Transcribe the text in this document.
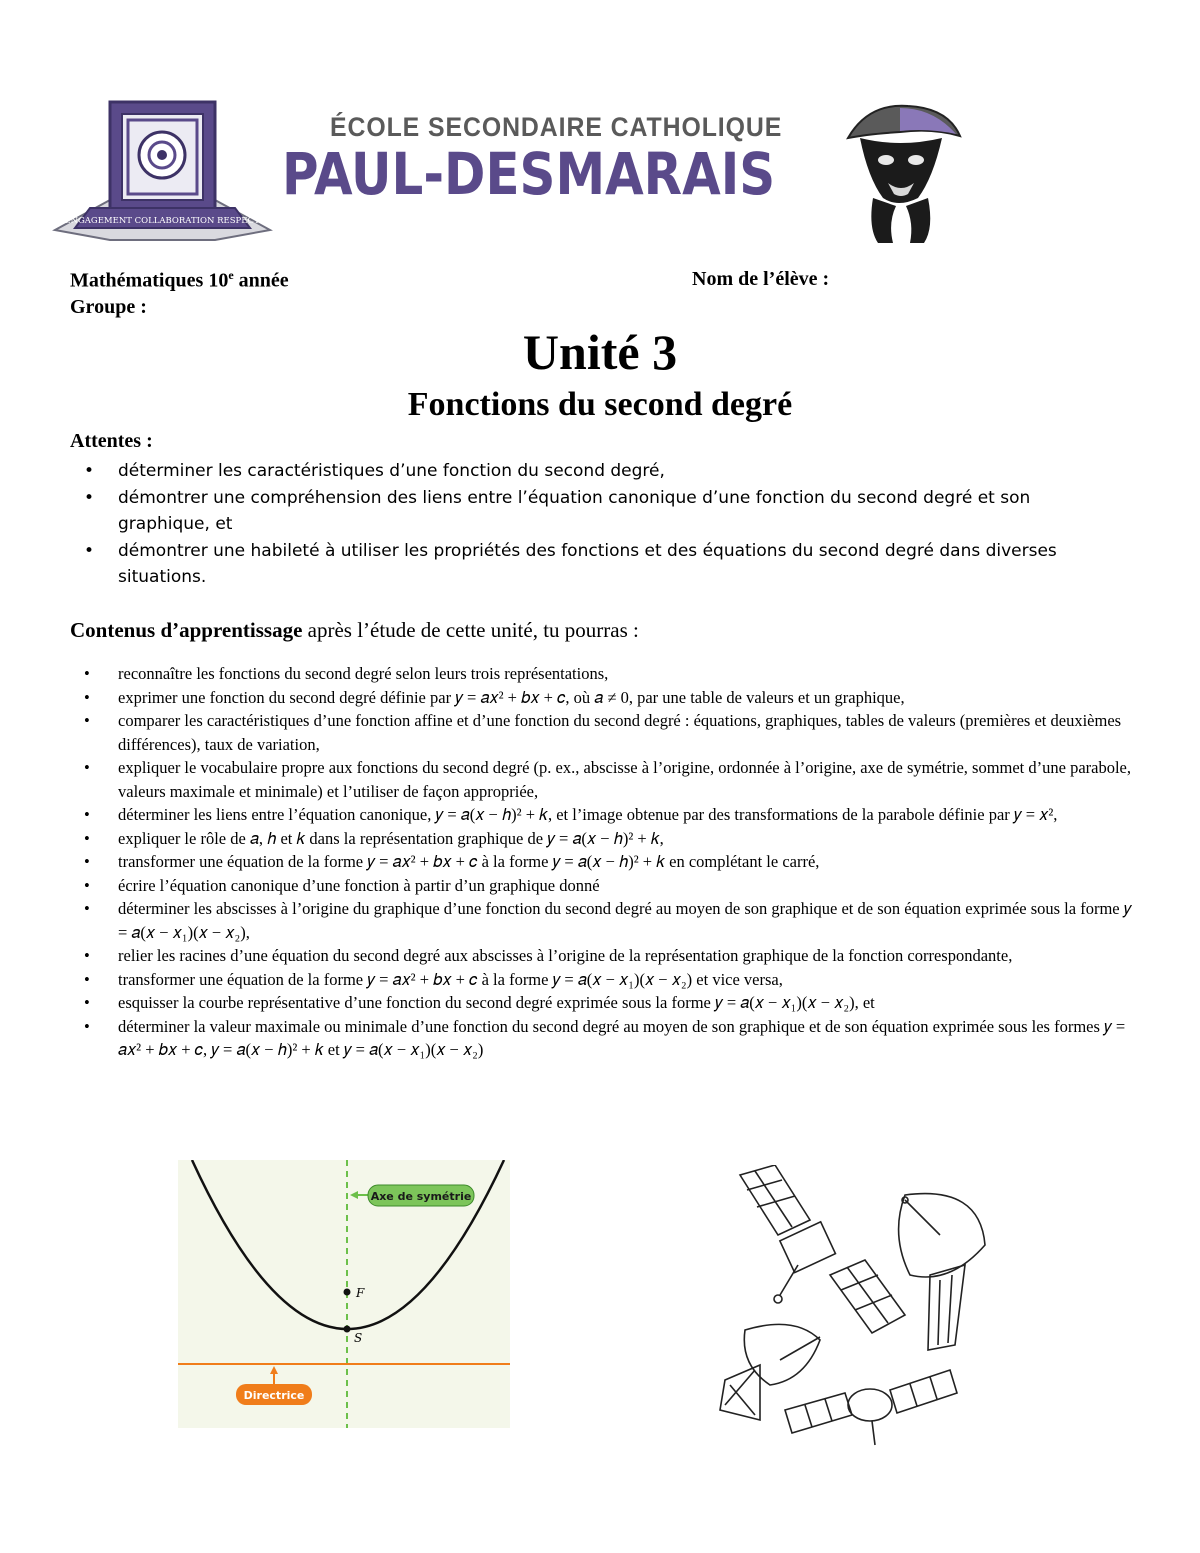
ENGAGEMENT COLLABORATION RESPECT
ÉCOLE SECONDAIRE CATHOLIQUE
PAUL-DESMARAIS
Mathématiques 10e année	Nom de l’élève :
Groupe :
Unité 3
Fonctions du second degré
Attentes :
• déterminer les caractéristiques d’une fonction du second degré,
• démontrer une compréhension des liens entre l’équation canonique d’une fonction du second degré et son graphique, et
• démontrer une habileté à utiliser les propriétés des fonctions et des équations du second degré dans diverses situations.
Contenus d’apprentissage après l’étude de cette unité, tu pourras :
• reconnaître les fonctions du second degré selon leurs trois représentations,
• exprimer une fonction du second degré définie par 𝑦 = 𝑎𝑥² + 𝑏𝑥 + 𝑐, où 𝑎 ≠ 0, par une table de valeurs et un graphique,
• comparer les caractéristiques d’une fonction affine et d’une fonction du second degré : équations, graphiques, tables de valeurs (premières et deuxièmes différences), taux de variation,
• expliquer le vocabulaire propre aux fonctions du second degré (p. ex., abscisse à l’origine, ordonnée à l’origine, axe de symétrie, sommet d’une parabole, valeurs maximale et minimale) et l’utiliser de façon appropriée,
• déterminer les liens entre l’équation canonique, 𝑦 = 𝑎(𝑥 − ℎ)² + 𝑘, et l’image obtenue par des transformations de la parabole définie par 𝑦 = 𝑥²,
• expliquer le rôle de 𝑎, ℎ et 𝑘 dans la représentation graphique de 𝑦 = 𝑎(𝑥 − ℎ)² + 𝑘,
• transformer une équation de la forme 𝑦 = 𝑎𝑥² + 𝑏𝑥 + 𝑐 à la forme 𝑦 = 𝑎(𝑥 − ℎ)² + 𝑘 en complétant le carré,
• écrire l’équation canonique d’une fonction à partir d’un graphique donné
• déterminer les abscisses à l’origine du graphique d’une fonction du second degré au moyen de son graphique et de son équation exprimée sous la forme 𝑦 = 𝑎(𝑥 − 𝑥₁)(𝑥 − 𝑥₂),
• relier les racines d’une équation du second degré aux abscisses à l’origine de la représentation graphique de la fonction correspondante,
• transformer une équation de la forme 𝑦 = 𝑎𝑥² + 𝑏𝑥 + 𝑐 à la forme 𝑦 = 𝑎(𝑥 − 𝑥₁)(𝑥 − 𝑥₂) et vice versa,
• esquisser la courbe représentative d’une fonction du second degré exprimée sous la forme 𝑦 = 𝑎(𝑥 − 𝑥₁)(𝑥 − 𝑥₂), et
• déterminer la valeur maximale ou minimale d’une fonction du second degré au moyen de son graphique et de son équation exprimée sous les formes 𝑦 = 𝑎𝑥² + 𝑏𝑥 + 𝑐, 𝑦 = 𝑎(𝑥 − ℎ)² + 𝑘 et 𝑦 = 𝑎(𝑥 − 𝑥₁)(𝑥 − 𝑥₂)
F
S
Axe de symétrie
Directrice
